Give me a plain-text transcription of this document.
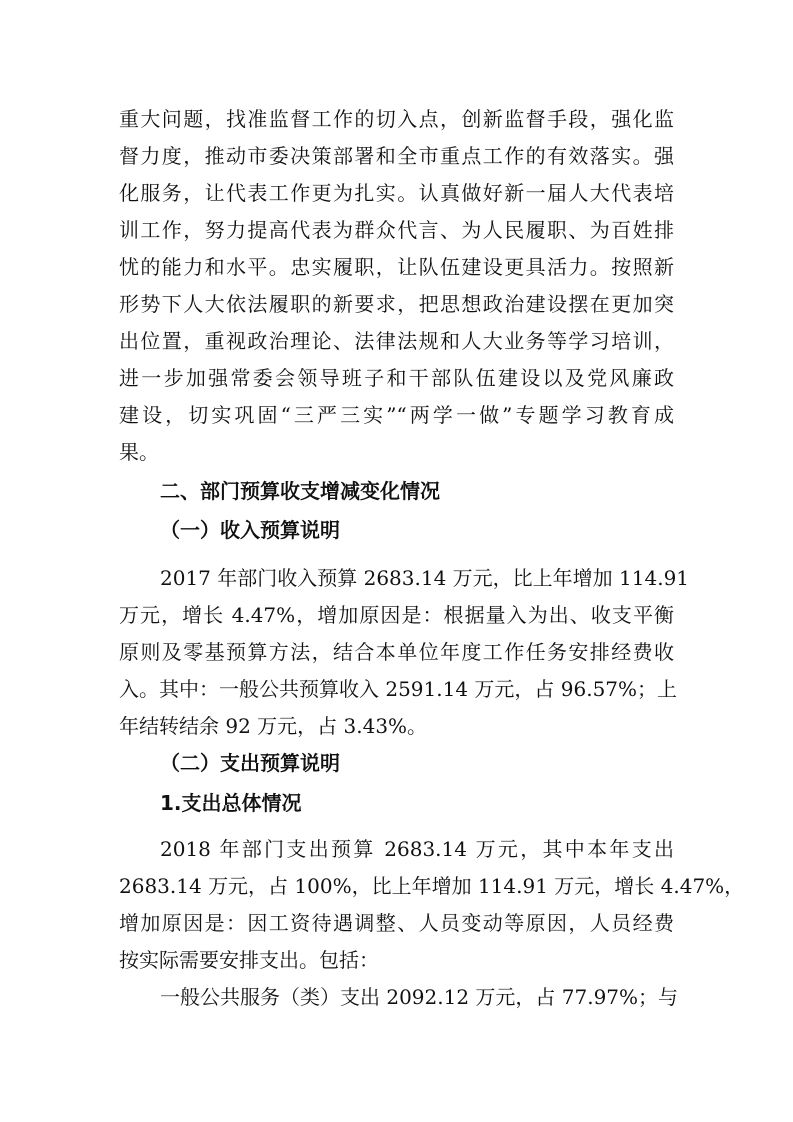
重大问题，找准监督工作的切入点，创新监督手段，强化监
督力度，推动市委决策部署和全市重点工作的有效落实。强
化服务，让代表工作更为扎实。认真做好新一届人大代表培
训工作，努力提高代表为群众代言、为人民履职、为百姓排
忧的能力和水平。忠实履职，让队伍建设更具活力。按照新
形势下人大依法履职的新要求，把思想政治建设摆在更加突
出位置，重视政治理论、法律法规和人大业务等学习培训，
进一步加强常委会领导班子和干部队伍建设以及党风廉政
建设，切实巩固“三严三实”“两学一做”专题学习教育成
果。
二、部门预算收支增减变化情况
（一）收入预算说明
2017 年部门收入预算 2683.14 万元，比上年增加 114.91
万元，增长 4.47%，增加原因是：根据量入为出、收支平衡
原则及零基预算方法，结合本单位年度工作任务安排经费收
入。其中：一般公共预算收入 2591.14 万元，占 96.57%；上
年结转结余 92 万元，占 3.43%。
（二）支出预算说明
1.支出总体情况
2018 年部门支出预算 2683.14 万元，其中本年支出
2683.14 万元，占 100%，比上年增加 114.91 万元，增长 4.47%，
增加原因是：因工资待遇调整、人员变动等原因，人员经费
按实际需要安排支出。包括：
一般公共服务（类）支出 2092.12 万元，占 77.97%；与
